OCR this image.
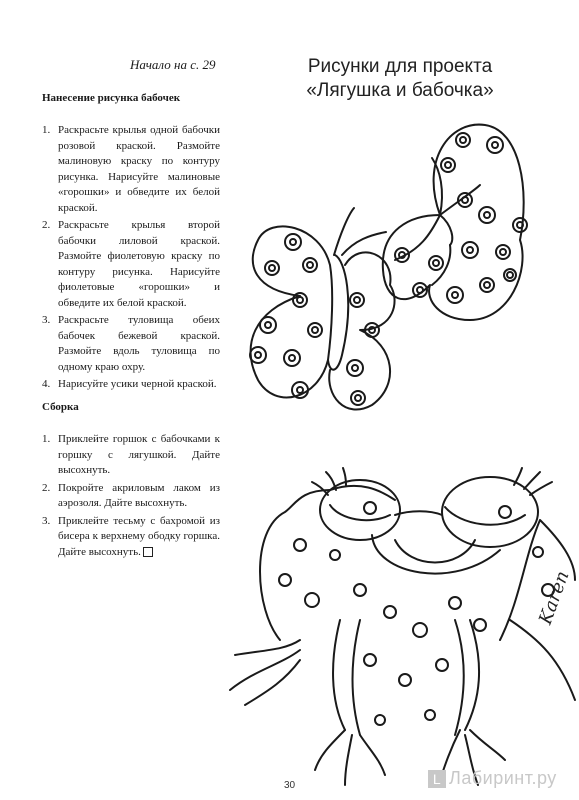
Начало на с. 29	Рисунки для проекта «Лягушка и бабочка»
Нанесение рисунка бабочек
1. Раскрасьте крылья одной бабочки розовой краской. Размойте малиновую краску по контуру рисунка. Нарисуйте малиновые «горошки» и обведите их белой краской.
2. Раскрасьте крылья второй бабочки лиловой краской. Размойте фиолетовую краску по контуру рисунка. Нарисуйте фиолетовые «горошки» и обведите их белой краской.
3. Раскрасьте туловища обеих бабочек бежевой краской. Размойте вдоль туловища по одному краю охру.
4. Нарисуйте усики черной краской.
Сборка
1. Приклейте горшок с бабочками к горшку с лягушкой. Дайте высохнуть.
2. Покройте акриловым лаком из аэрозоля. Дайте высохнуть.
3. Приклейте тесьму с бахромой из бисера к верхнему ободку горшка. Дайте высохнуть.
Karen
30	L Лабиринт.ру
